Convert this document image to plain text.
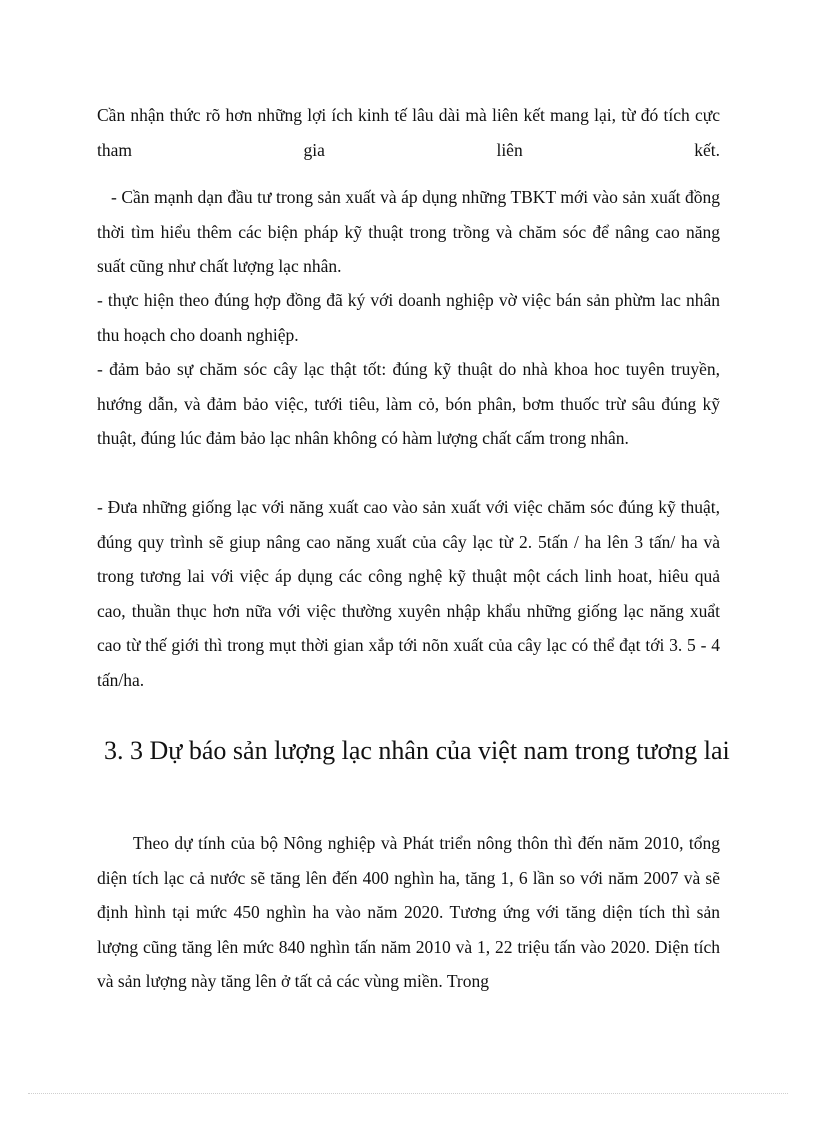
Cần nhận thức rõ hơn những lợi ích kinh tế lâu dài mà liên kết mang lại, từ đó tích cực tham gia liên kết.

- Cần mạnh dạn đầu tư trong sản xuất và áp dụng những TBKT mới vào sản xuất đồng thời tìm hiểu thêm các biện pháp kỹ thuật trong trồng và chăm sóc để nâng cao năng suất cũng như chất lượng lạc nhân.

- thực hiện theo đúng hợp đồng đã ký với doanh nghiệp vờ việc bán sản phừm lac nhân thu hoạch cho doanh nghiệp.

- đảm bảo sự chăm sóc cây lạc thật tốt: đúng kỹ thuật do nhà khoa hoc tuyên truyền, hướng dẫn, và đảm bảo việc, tưới tiêu, làm cỏ, bón phân, bơm thuốc trừ sâu đúng kỹ thuật, đúng lúc đảm bảo lạc nhân không có hàm lượng chất cấm trong nhân.

- Đưa những giống lạc với năng xuất cao vào sản xuất với việc chăm sóc đúng kỹ thuật, đúng quy trình sẽ giup nâng cao năng xuất của cây lạc từ 2. 5tấn / ha lên 3 tấn/ ha và trong tương lai với việc áp dụng các công nghệ kỹ thuật một cách linh hoat, hiêu quả cao, thuần thục hơn nữa với việc thường xuyên nhập khẩu những giống lạc năng xuẩt cao từ thế giới thì trong mụt thời gian xắp tới nõn xuất của cây lạc có thể đạt tới 3. 5 - 4 tấn/ha.

3. 3 Dự báo sản lượng lạc nhân của việt nam trong tương lai

Theo dự tính của bộ Nông nghiệp và Phát triển nông thôn thì đến năm 2010, tổng diện tích lạc cả nước sẽ tăng lên đến 400 nghìn ha, tăng 1, 6 lần so với năm 2007 và sẽ định hình tại mức 450 nghìn ha vào năm 2020. Tương ứng với tăng diện tích thì sản lượng cũng tăng lên mức 840 nghìn tấn năm 2010 và 1, 22 triệu tấn vào 2020. Diện tích và sản lượng này tăng lên ở tất cả các vùng miền. Trong
